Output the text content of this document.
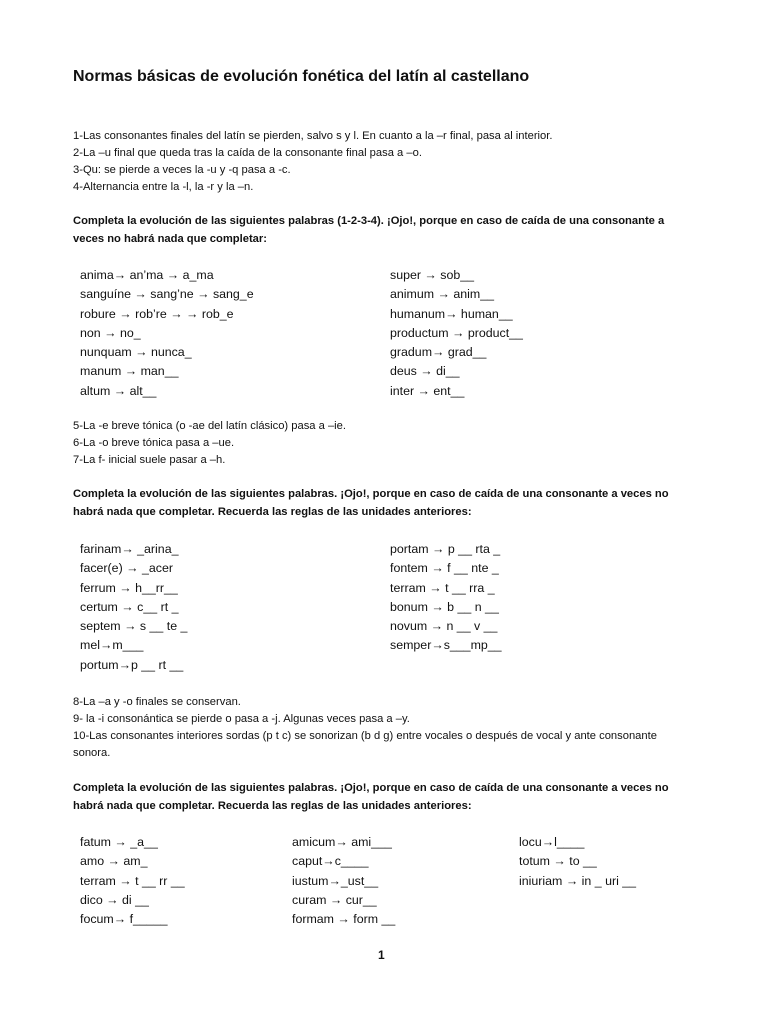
Normas básicas de evolución fonética del latín al castellano
1-Las consonantes finales del latín se pierden, salvo s y l. En cuanto a la –r final, pasa al interior.
2-La –u final que queda tras la caída de la consonante final pasa a –o.
3-Qu: se pierde a veces la -u y -q pasa a -c.
4-Alternancia entre la -l, la -r y la –n.

Completa la evolución de las siguientes palabras (1-2-3-4). ¡Ojo!, porque en caso de caída de una consonante a veces no habrá nada que completar:

anima→ an’ma → a_ma
sanguíne → sang’ne → sang_e
robure → rob’re → → rob_e
non → no_
nunquam → nunca_
manum → man__
altum → alt__
super → sob__
animum → anim__
humanum→ human__
productum → product__
gradum→ grad__
deus → di__
inter → ent__
5-La -e breve tónica (o -ae del latín clásico) pasa a –ie.
6-La -o breve tónica pasa a –ue.
7-La f- inicial suele pasar a –h.

Completa la evolución de las siguientes palabras. ¡Ojo!, porque en caso de caída de una consonante a veces no habrá nada que completar. Recuerda las reglas de las unidades anteriores:

farinam→ _arina_
facer(e) → _acer
ferrum → h__rr__
certum → c__ rt _
septem → s __ te _
mel→m___
portum→p __ rt __
portam → p __ rta _
fontem → f __ nte _
terram → t __ rra _
bonum → b __ n __
novum → n __ v __
semper→s___mp__
8-La –a y -o finales se conservan.
9- la -i consonántica se pierde o pasa a -j. Algunas veces pasa a –y.
10-Las consonantes interiores sordas (p t c) se sonorizan (b d g) entre vocales o después de vocal y ante consonante sonora.

Completa la evolución de las siguientes palabras. ¡Ojo!, porque en caso de caída de una consonante a veces no habrá nada que completar. Recuerda las reglas de las unidades anteriores:

fatum → _a__
amo → am_
terram → t __ rr __
dico → di __
focum→ f_____
amicum→ ami___
caput→c____
iustum→_ust__
curam → cur__
formam → form __
locu→l____
totum → to __
iniuriam → in _ uri __
1
